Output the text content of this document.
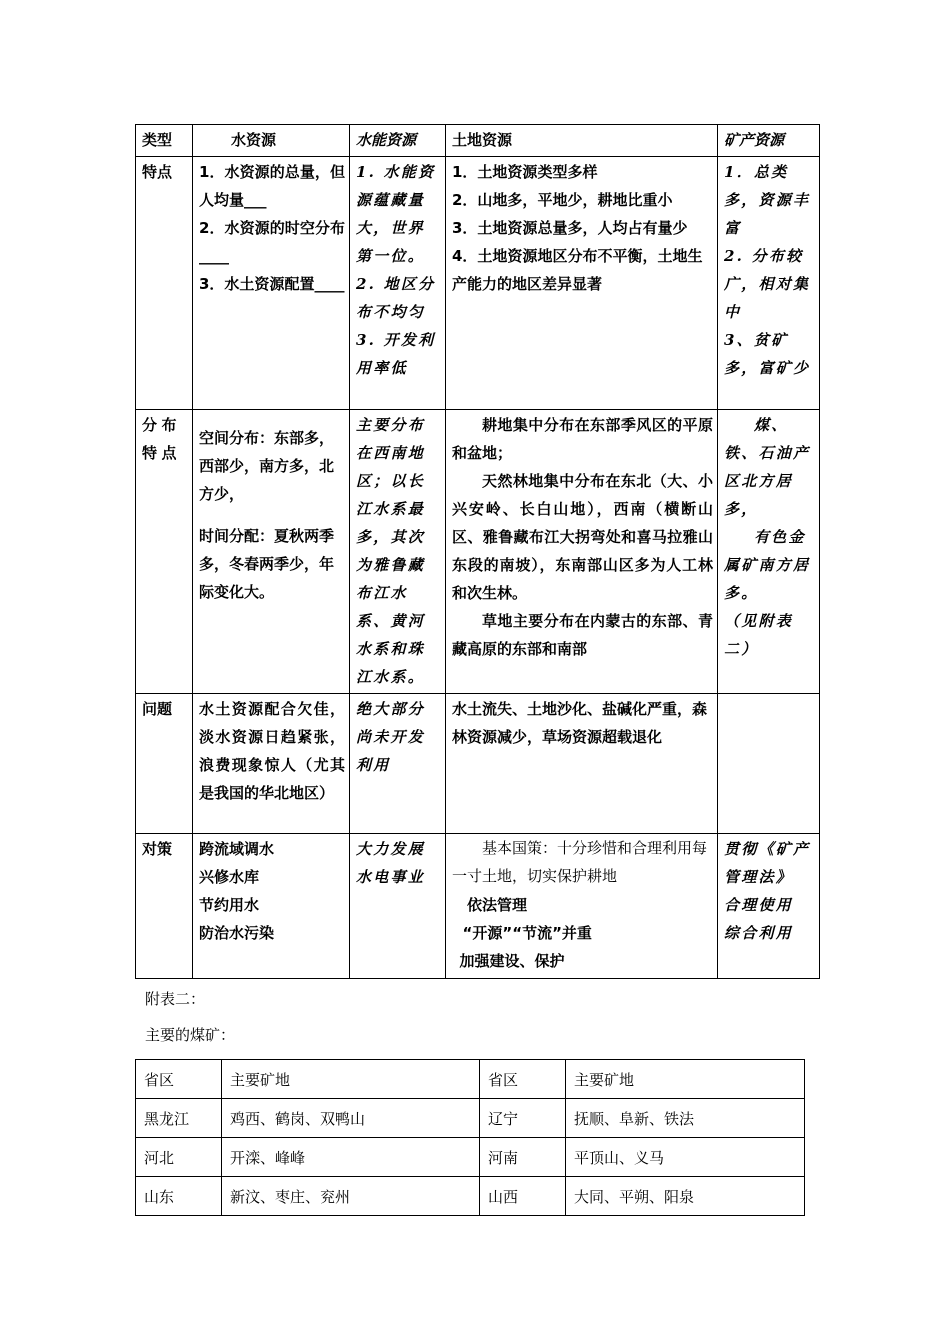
类型	水资源	水能资源	土地资源	矿产资源
特点	1．水资源的总量，但人均量___
2．水资源的时空分布____
3．水土资源配置____	1. 水能资源蕴藏量大，世界第一位。
2. 地区分布不均匀
3. 开发利用率低	1．土地资源类型多样
2．山地多，平地少，耕地比重小
3．土地资源总量多，人均占有量少
4．土地资源地区分布不平衡，土地生产能力的地区差异显著	1．总类多，资源丰富
2. 分布较广，相对集中
3、贫矿多，富矿少

分布特点	空间分布：东部多，西部少，南方多，北方少，
时间分配：夏秋两季多，冬春两季少，年际变化大。	主要分布在西南地区；以长江水系最多，其次为雅鲁藏布江水系、黄河水系和珠江水系。	耕地集中分布在东部季风区的平原和盆地；
天然林地集中分布在东北（大、小兴安岭、长白山地），西南（横断山区、雅鲁藏布江大拐弯处和喜马拉雅山东段的南坡），东南部山区多为人工林和次生林。
草地主要分布在内蒙古的东部、青藏高原的东部和南部	煤、铁、石油产区北方居多，
有色金属矿南方居多。
（见附表二）

问题	水土资源配合欠佳，淡水资源日趋紧张，浪费现象惊人（尤其是我国的华北地区）	绝大部分尚未开发利用	水土流失、土地沙化、盐碱化严重，森林资源减少，草场资源超载退化	
对策	跨流域调水
兴修水库
节约用水
防治水污染	大力发展水电事业	基本国策：十分珍惜和合理利用每一寸土地，切实保护耕地
依法管理
“开源”“节流”并重
加强建设、保护	贯彻《矿产管理法》
合理使用
综合利用
附表二：
主要的煤矿：
省区	主要矿地	省区	主要矿地
黑龙江	鸡西、鹤岗、双鸭山	辽宁	抚顺、阜新、铁法
河北	开滦、峰峰	河南	平顶山、义马
山东	新汶、枣庄、兖州	山西	大同、平朔、阳泉
